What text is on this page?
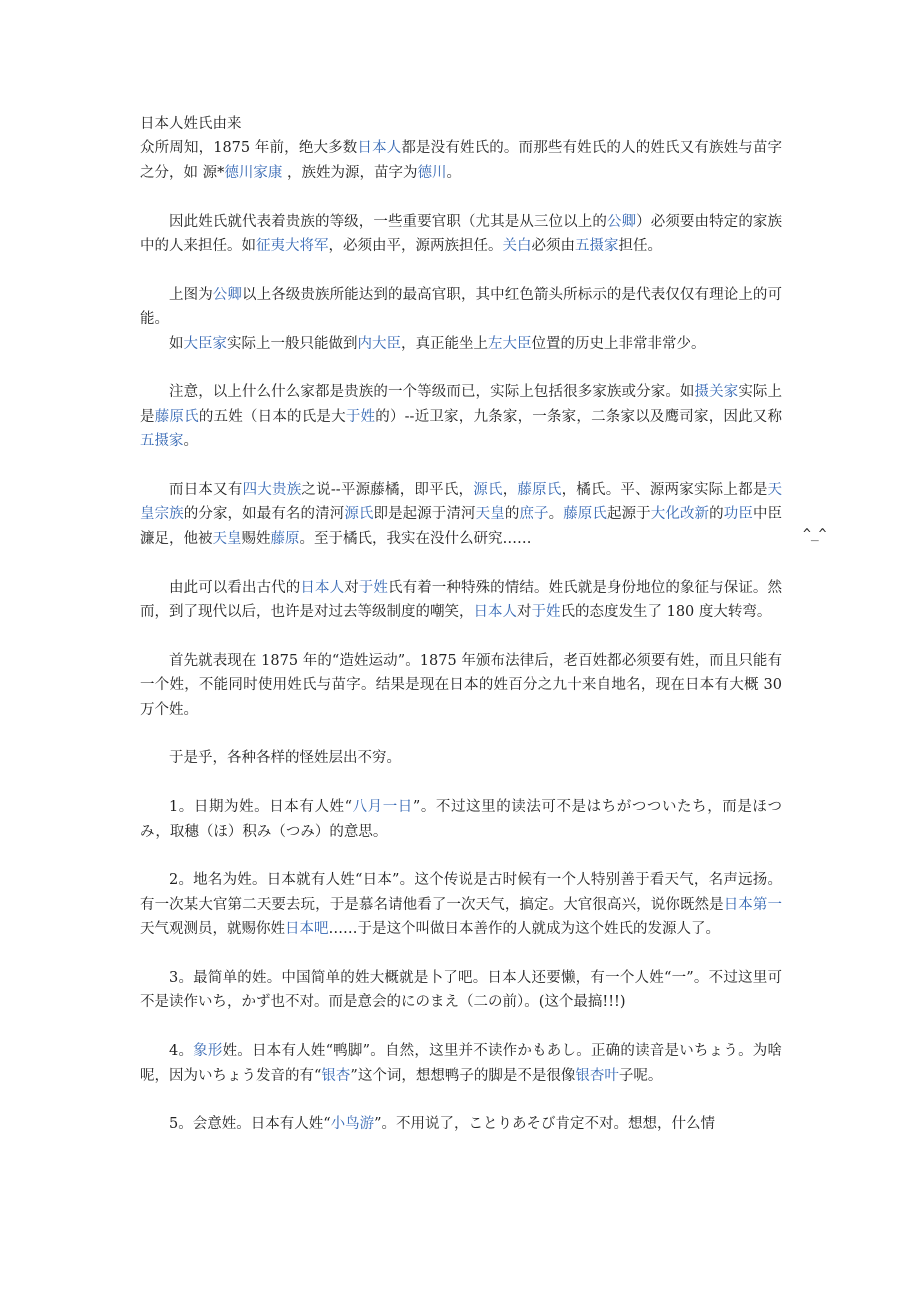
日本人姓氏由来

众所周知，1875 年前，绝大多数日本人都是没有姓氏的。而那些有姓氏的人的姓氏又有族姓与苗字之分，如 源*德川家康 ，族姓为源，苗字为德川。

因此姓氏就代表着贵族的等级，一些重要官职（尤其是从三位以上的公卿）必须要由特定的家族中的人来担任。如征夷大将军，必须由平，源两族担任。关白必须由五摄家担任。

上图为公卿以上各级贵族所能达到的最高官职，其中红色箭头所标示的是代表仅仅有理论上的可能。

如大臣家实际上一般只能做到内大臣，真正能坐上左大臣位置的历史上非常非常少。

注意，以上什么什么家都是贵族的一个等级而已，实际上包括很多家族或分家。如摄关家实际上是藤原氏的五姓（日本的氏是大于姓的）--近卫家，九条家，一条家，二条家以及鹰司家，因此又称五摄家。

而日本又有四大贵族之说--平源藤橘，即平氏，源氏，藤原氏，橘氏。平、源两家实际上都是天皇宗族的分家，如最有名的清河源氏即是起源于清河天皇的庶子。藤原氏起源于大化改新的功臣中臣濂足，他被天皇赐姓藤原。至于橘氏，我实在没什么研究……

由此可以看出古代的日本人对于姓氏有着一种特殊的情结。姓氏就是身份地位的象征与保证。然而，到了现代以后，也许是对过去等级制度的嘲笑，日本人对于姓氏的态度发生了 180 度大转弯。

首先就表现在 1875 年的“造姓运动”。1875 年颁布法律后，老百姓都必须要有姓，而且只能有一个姓，不能同时使用姓氏与苗字。结果是现在日本的姓百分之九十来自地名，现在日本有大概 30 万个姓。

于是乎，各种各样的怪姓层出不穷。

1。日期为姓。日本有人姓“八月一日”。不过这里的读法可不是はちがつついたち，而是ほつみ，取穗（ほ）积み（つみ）的意思。

2。地名为姓。日本就有人姓“日本”。这个传说是古时候有一个人特别善于看天气，名声远扬。有一次某大官第二天要去玩，于是慕名请他看了一次天气，搞定。大官很高兴，说你既然是日本第一天气观测员，就赐你姓日本吧……于是这个叫做日本善作的人就成为这个姓氏的发源人了。

3。最简单的姓。中国简单的姓大概就是卜了吧。日本人还要懒，有一个人姓“一”。不过这里可不是读作いち，かず也不对。而是意会的にのまえ（二の前）。(这个最搞!!!)

4。象形姓。日本有人姓“鸭脚”。自然，这里并不读作かもあし。正确的读音是いちょう。为啥呢，因为いちょう发音的有“银杏”这个词，想想鸭子的脚是不是很像银杏叶子呢。

5。会意姓。日本有人姓“小鸟游”。不用说了，ことりあそび肯定不对。想想，什么情

^_^
